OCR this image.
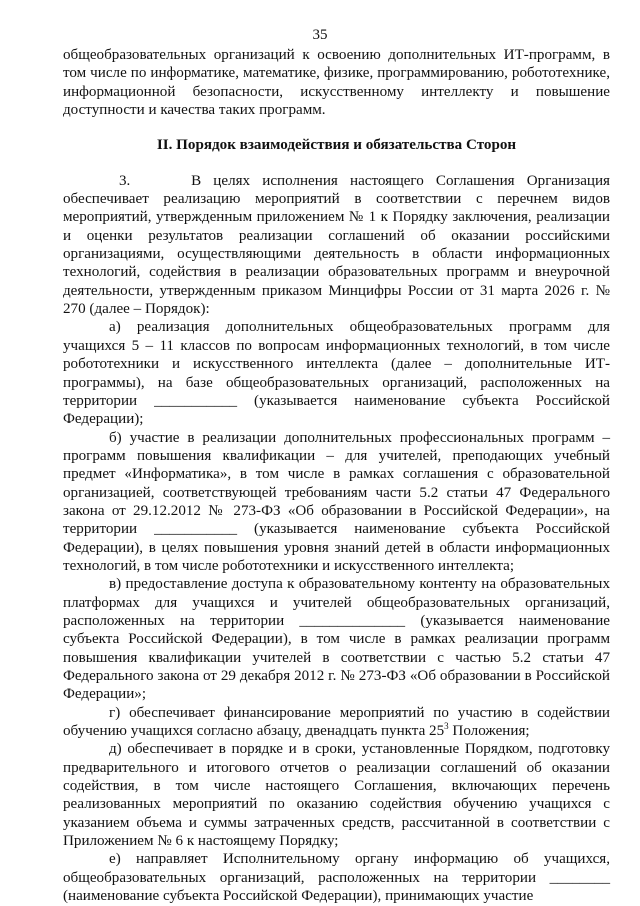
35

общеобразовательных организаций к освоению дополнительных ИТ-программ, в том числе по информатике, математике, физике, программированию, робототехнике, информационной безопасности, искусственному интеллекту и повышение доступности и качества таких программ.

II. Порядок взаимодействия и обязательства Сторон

3.     В целях исполнения настоящего Соглашения Организация обеспечивает реализацию мероприятий в соответствии с перечнем видов мероприятий, утвержденным приложением № 1 к Порядку заключения, реализации и оценки результатов реализации соглашений об оказании российскими организациями, осуществляющими деятельность в области информационных технологий, содействия в реализации образовательных программ и внеурочной деятельности, утвержденным приказом Минцифры России от 31 марта 2026 г. № 270 (далее – Порядок):

а) реализация дополнительных общеобразовательных программ для учащихся 5 – 11 классов по вопросам информационных технологий, в том числе робототехники и искусственного интеллекта (далее – дополнительные ИТ-программы), на базе общеобразовательных организаций, расположенных на территории ___________ (указывается наименование субъекта Российской Федерации);

б) участие в реализации дополнительных профессиональных программ – программ повышения квалификации – для учителей, преподающих учебный предмет «Информатика», в том числе в рамках соглашения с образовательной организацией, соответствующей требованиям части 5.2 статьи 47 Федерального закона от 29.12.2012 № 273-ФЗ «Об образовании в Российской Федерации», на территории ___________ (указывается наименование субъекта Российской Федерации), в целях повышения уровня знаний детей в области информационных технологий, в том числе робототехники и искусственного интеллекта;

в) предоставление доступа к образовательному контенту на образовательных платформах для учащихся и учителей общеобразовательных организаций, расположенных на территории ______________ (указывается наименование субъекта Российской Федерации), в том числе в рамках реализации программ повышения квалификации учителей в соответствии с частью 5.2 статьи 47 Федерального закона от 29 декабря 2012 г. № 273-ФЗ «Об образовании в Российской Федерации»;

г) обеспечивает финансирование мероприятий по участию в содействии обучению учащихся согласно абзацу, двенадцать пункта $25^3$ Положения;

д) обеспечивает в порядке и в сроки, установленные Порядком, подготовку предварительного и итогового отчетов о реализации соглашений об оказании содействия, в том числе настоящего Соглашения, включающих перечень реализованных мероприятий по оказанию содействия обучению учащихся с указанием объема и суммы затраченных средств, рассчитанной в соответствии с Приложением № 6 к настоящему Порядку;

е) направляет Исполнительному органу информацию об учащихся, общеобразовательных организаций, расположенных на территории ________ (наименование субъекта Российской Федерации), принимающих участие
